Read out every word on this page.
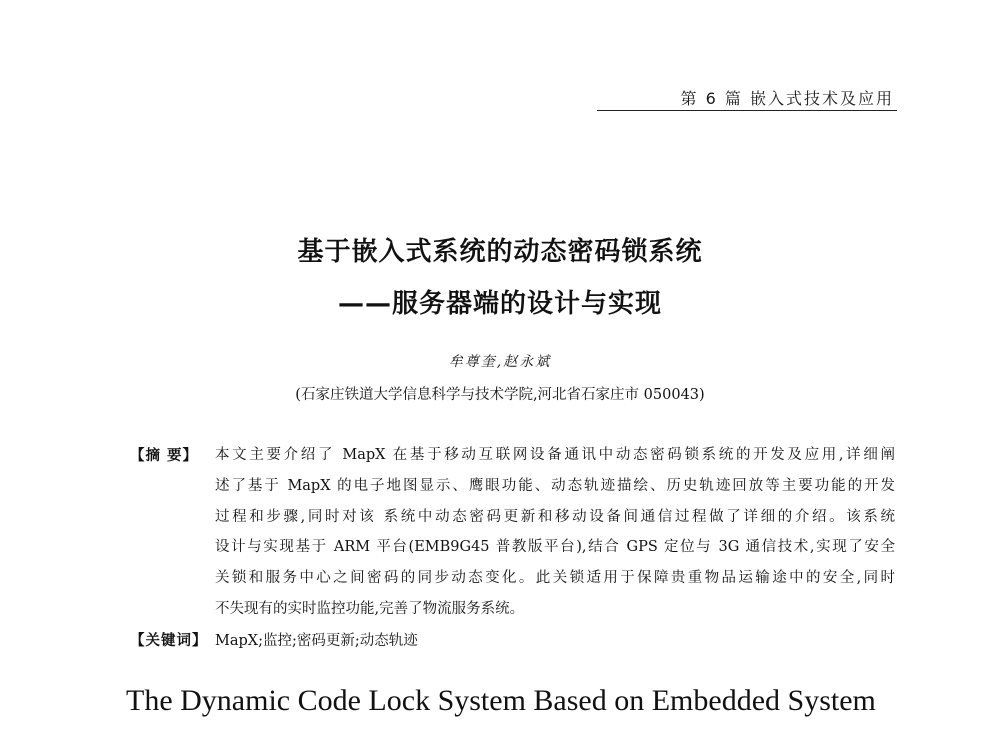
第 6 篇 嵌入式技术及应用
基于嵌入式系统的动态密码锁系统
——服务器端的设计与实现
牟尊奎,赵永斌
(石家庄铁道大学信息科学与技术学院,河北省石家庄市 050043)
【摘 要】 本文主要介绍了 MapX 在基于移动互联网设备通讯中动态密码锁系统的开发及应用,详细阐
述了基于 MapX 的电子地图显示、鹰眼功能、动态轨迹描绘、历史轨迹回放等主要功能的开发
过程和步骤,同时对该 系统中动态密码更新和移动设备间通信过程做了详细的介绍。该系统
设计与实现基于 ARM 平台(EMB9G45 普教版平台),结合 GPS 定位与 3G 通信技术,实现了安全
关锁和服务中心之间密码的同步动态变化。此关锁适用于保障贵重物品运输途中的安全,同时
不失现有的实时监控功能,完善了物流服务系统。
【关键词】 MapX;监控;密码更新;动态轨迹
The Dynamic Code Lock System Based on Embedded System
